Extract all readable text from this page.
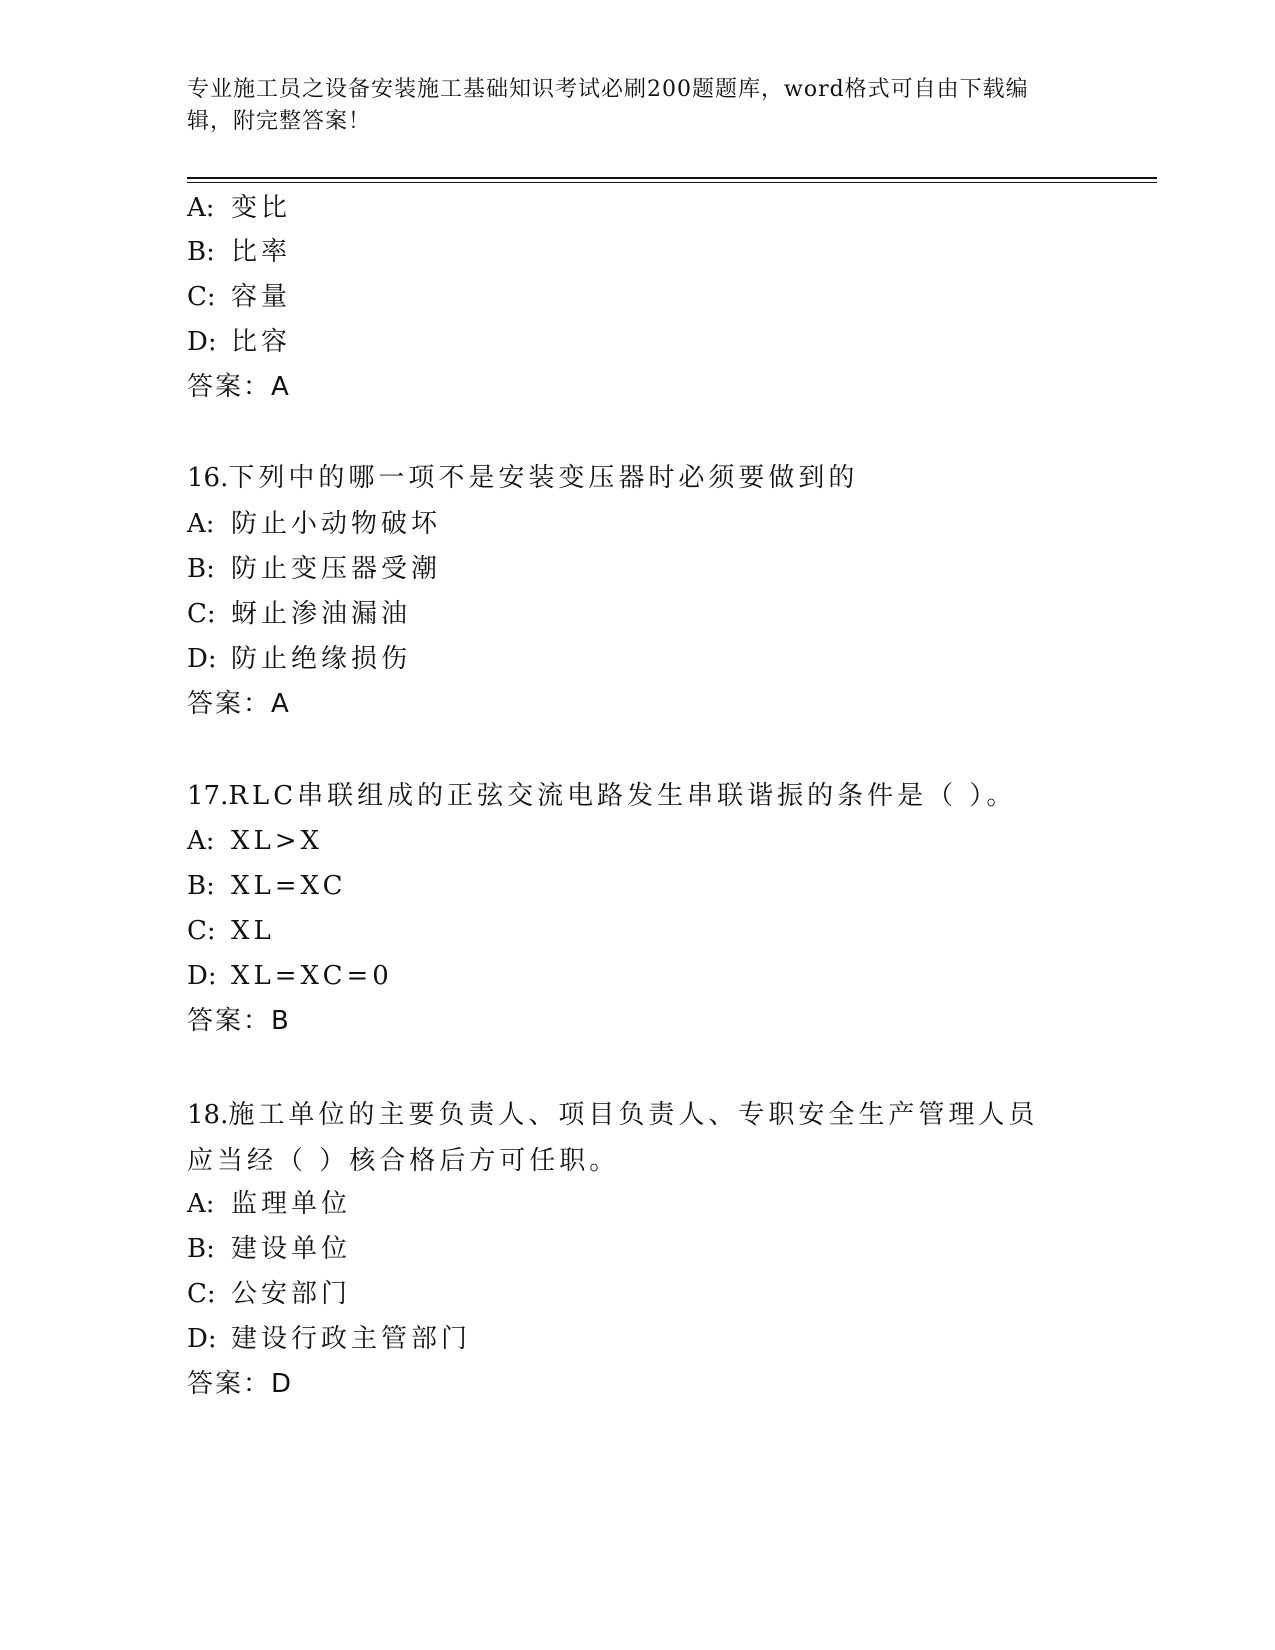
专业施工员之设备安装施工基础知识考试必刷200题题库，word格式可自由下载编辑，附完整答案！
A: 变比
B: 比率
C: 容量
D: 比容
答案：A
16.下列中的哪一项不是安装变压器时必须要做到的
A: 防止小动物破坏
B: 防止变压器受潮
C: 蚜止渗油漏油
D: 防止绝缘损伤
答案：A
17.RLC串联组成的正弦交流电路发生串联谐振的条件是（ ）。
A: XL>X
B: XL=XC
C: XL
D: XL=XC=0
答案：B
18.施工单位的主要负责人、项目负责人、专职安全生产管理人员应当经（ ）核合格后方可任职。
A: 监理单位
B: 建设单位
C: 公安部门
D: 建设行政主管部门
答案：D
